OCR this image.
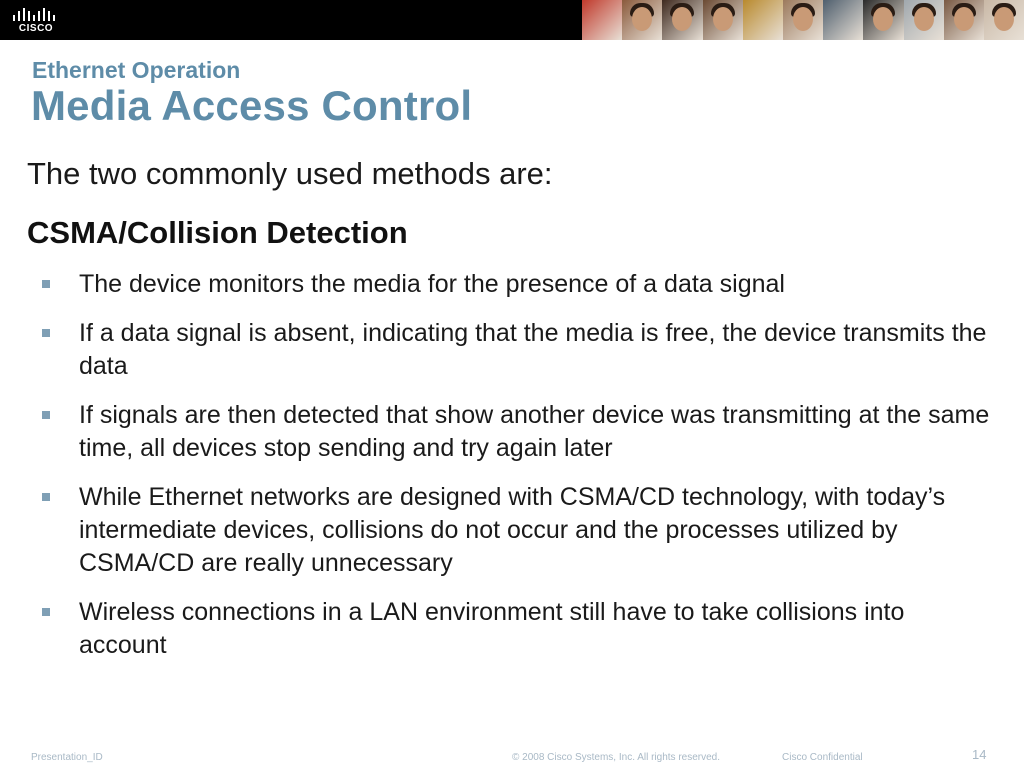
CISCO
Ethernet Operation
Media Access Control
The two commonly used methods are:
CSMA/Collision Detection
The device monitors the media for the presence of a data signal
If a data signal is absent, indicating that the media is free, the device transmits the data
If signals are then detected that show another device was transmitting at the same time, all devices stop sending and try again later
While Ethernet networks are designed with CSMA/CD technology, with today’s intermediate devices, collisions do not occur and the processes utilized by CSMA/CD are really unnecessary
Wireless connections in a LAN environment still have to take collisions into account
Presentation_ID	© 2008 Cisco Systems, Inc. All rights reserved.	Cisco Confidential	14
